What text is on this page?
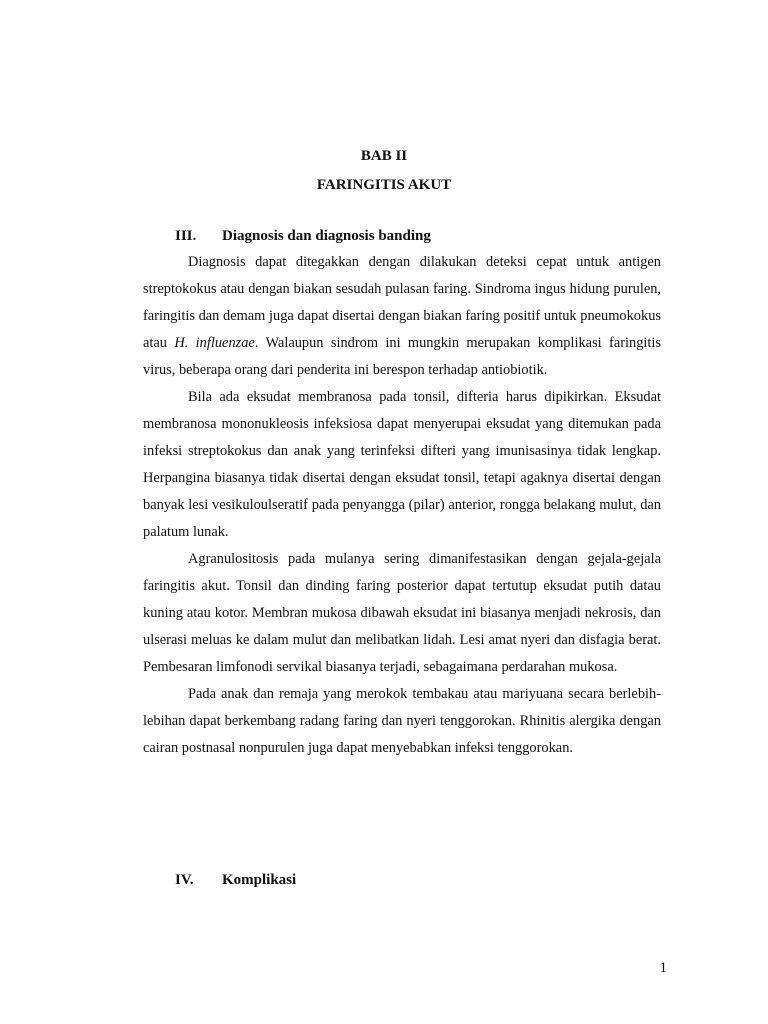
BAB II
FARINGITIS AKUT
III. Diagnosis dan diagnosis banding

Diagnosis dapat ditegakkan dengan dilakukan deteksi cepat untuk antigen streptokokus atau dengan biakan sesudah pulasan faring. Sindroma ingus hidung purulen, faringitis dan demam juga dapat disertai dengan biakan faring positif untuk pneumokokus atau H. influenzae. Walaupun sindrom ini mungkin merupakan komplikasi faringitis virus, beberapa orang dari penderita ini berespon terhadap antiobiotik.

Bila ada eksudat membranosa pada tonsil, difteria harus dipikirkan. Eksudat membranosa mononukleosis infeksiosa dapat menyerupai eksudat yang ditemukan pada infeksi streptokokus dan anak yang terinfeksi difteri yang imunisasinya tidak lengkap. Herpangina biasanya tidak disertai dengan eksudat tonsil, tetapi agaknya disertai dengan banyak lesi vesikuloulseratif pada penyangga (pilar) anterior, rongga belakang mulut, dan palatum lunak.

Agranulositosis pada mulanya sering dimanifestasikan dengan gejala-gejala faringitis akut. Tonsil dan dinding faring posterior dapat tertutup eksudat putih datau kuning atau kotor. Membran mukosa dibawah eksudat ini biasanya menjadi nekrosis, dan ulserasi meluas ke dalam mulut dan melibatkan lidah. Lesi amat nyeri dan disfagia berat. Pembesaran limfonodi servikal biasanya terjadi, sebagaimana perdarahan mukosa.

Pada anak dan remaja yang merokok tembakau atau mariyuana secara berlebih-lebihan dapat berkembang radang faring dan nyeri tenggorokan. Rhinitis alergika dengan cairan postnasal nonpurulen juga dapat menyebabkan infeksi tenggorokan.

IV. Komplikasi
1
